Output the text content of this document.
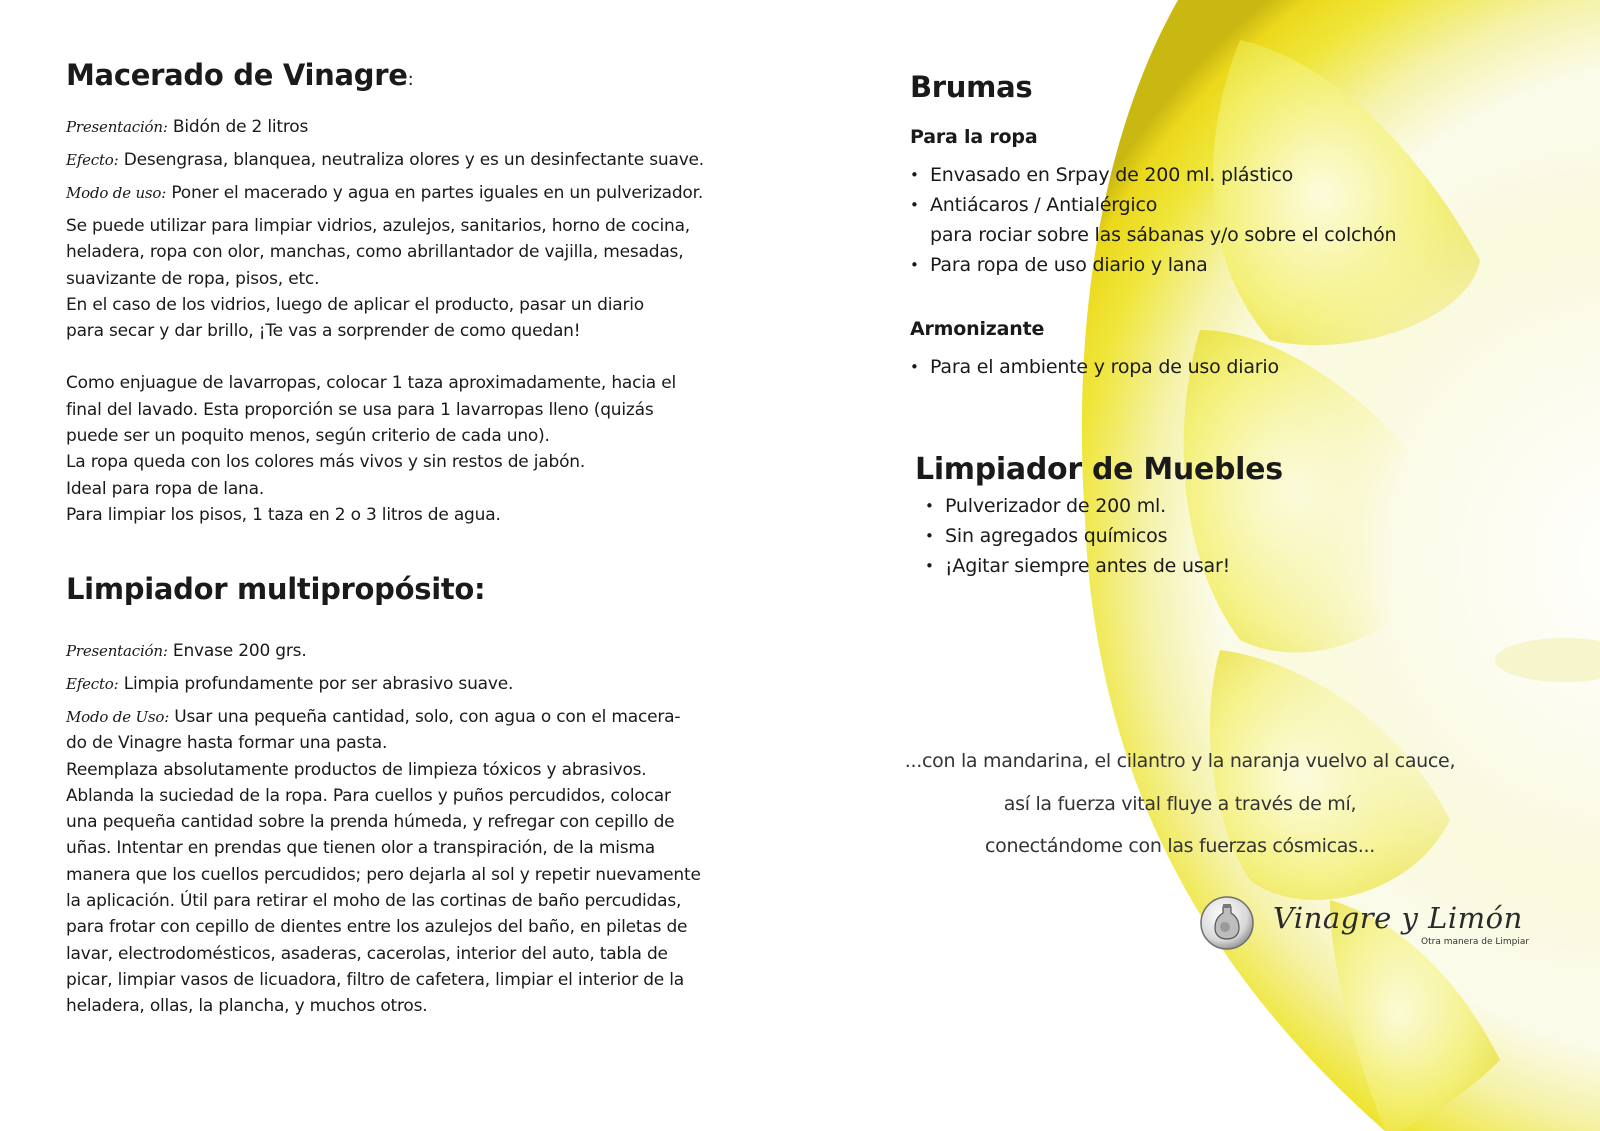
Macerado de Vinagre:

Presentación: Bidón de 2 litros

Efecto: Desengrasa, blanquea, neutraliza olores y es un desinfectante suave.

Modo de uso: Poner el macerado y agua en partes iguales en un pulverizador.

Se puede utilizar para limpiar vidrios, azulejos, sanitarios, horno de cocina,

heladera, ropa con olor, manchas, como abrillantador de vajilla, mesadas,

suavizante de ropa, pisos, etc.

En el caso de los vidrios, luego de aplicar el producto, pasar un diario

para secar y dar brillo, ¡Te vas a sorprender de como quedan!

Como enjuague de lavarropas, colocar 1 taza aproximadamente, hacia el

final del lavado. Esta proporción se usa para 1 lavarropas lleno (quizás

puede ser un poquito menos, según criterio de cada uno).

La ropa queda con los colores más vivos y sin restos de jabón.

Ideal para ropa de lana.

Para limpiar los pisos, 1 taza en 2 o 3 litros de agua.

Limpiador multipropósito:

Presentación: Envase 200 grs.

Efecto: Limpia profundamente por ser abrasivo suave.

Modo de Uso: Usar una pequeña cantidad, solo, con agua o con el macera-

do de Vinagre hasta formar una pasta.

Reemplaza absolutamente productos de limpieza tóxicos y abrasivos.

Ablanda la suciedad de la ropa. Para cuellos y puños percudidos, colocar

una pequeña cantidad sobre la prenda húmeda, y refregar con cepillo de

uñas. Intentar en prendas que tienen olor a transpiración, de la misma

manera que los cuellos percudidos; pero dejarla al sol y repetir nuevamente

la aplicación. Útil para retirar el moho de las cortinas de baño percudidas,

para frotar con cepillo de dientes entre los azulejos del baño, en piletas de

lavar, electrodomésticos, asaderas, cacerolas, interior del auto, tabla de

picar, limpiar vasos de licuadora, filtro de cafetera, limpiar el interior de la

heladera, ollas, la plancha, y muchos otros.

Brumas
Para la ropa
• Envasado en Srpay de 200 ml. plástico
• Antiácaros / Antialérgico
para rociar sobre las sábanas y/o sobre el colchón
• Para ropa de uso diario y lana
Armonizante
• Para el ambiente y ropa de uso diario
Limpiador de Muebles
• Pulverizador de 200 ml.
• Sin agregados químicos
• ¡Agitar siempre antes de usar!

...con la mandarina, el cilantro y la naranja vuelvo al cauce,

así la fuerza vital fluye a través de mí,

conectándome con las fuerzas cósmicas...

Vinagre y Limón
Otra manera de Limpiar
